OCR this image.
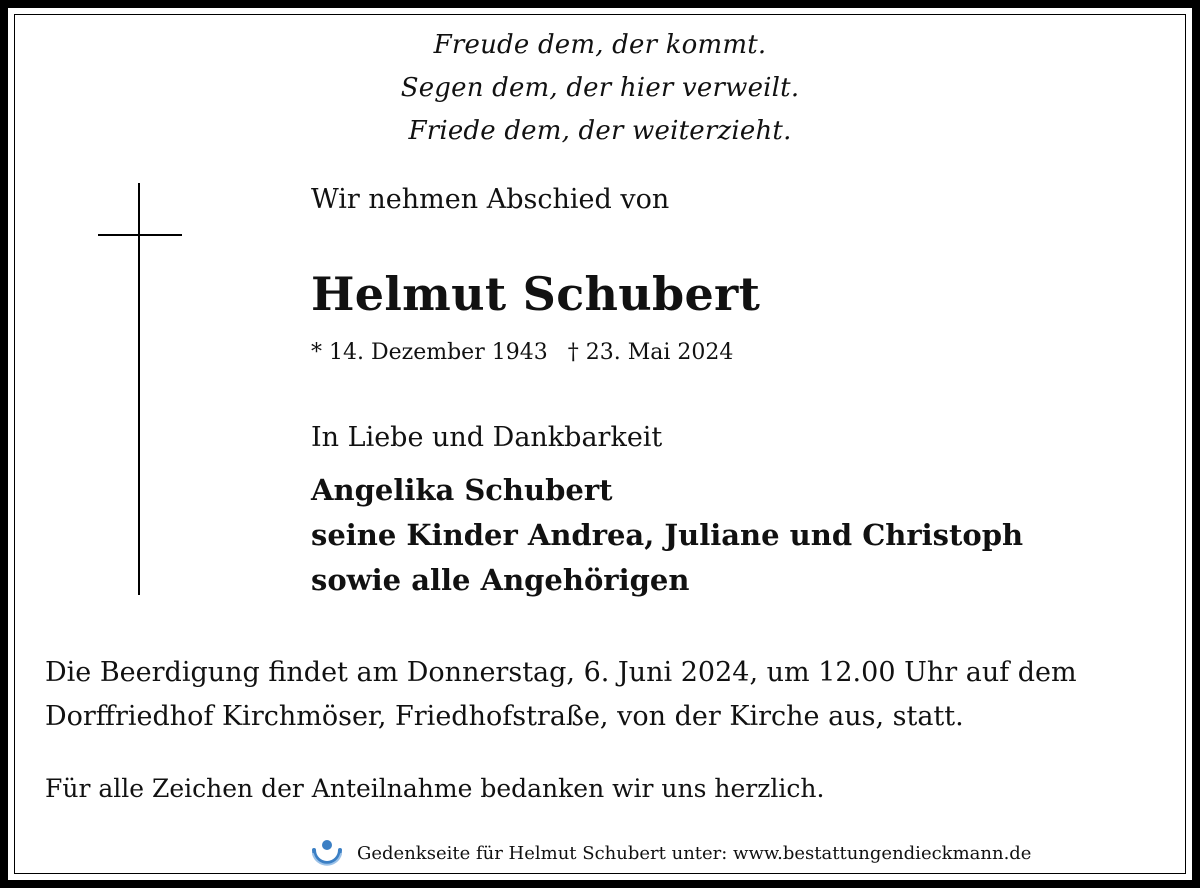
Freude dem, der kommt.
Segen dem, der hier verweilt.
Friede dem, der weiterzieht.
Wir nehmen Abschied von
Helmut Schubert
* 14. Dezember 1943 † 23. Mai 2024
In Liebe und Dankbarkeit
Angelika Schubert
seine Kinder Andrea, Juliane und Christoph
sowie alle Angehörigen
Die Beerdigung findet am Donnerstag, 6. Juni 2024, um 12.00 Uhr auf dem
Dorffriedhof Kirchmöser, Friedhofstraße, von der Kirche aus, statt.
Für alle Zeichen der Anteilnahme bedanken wir uns herzlich.
Gedenkseite für Helmut Schubert unter: www.bestattungendieckmann.de
